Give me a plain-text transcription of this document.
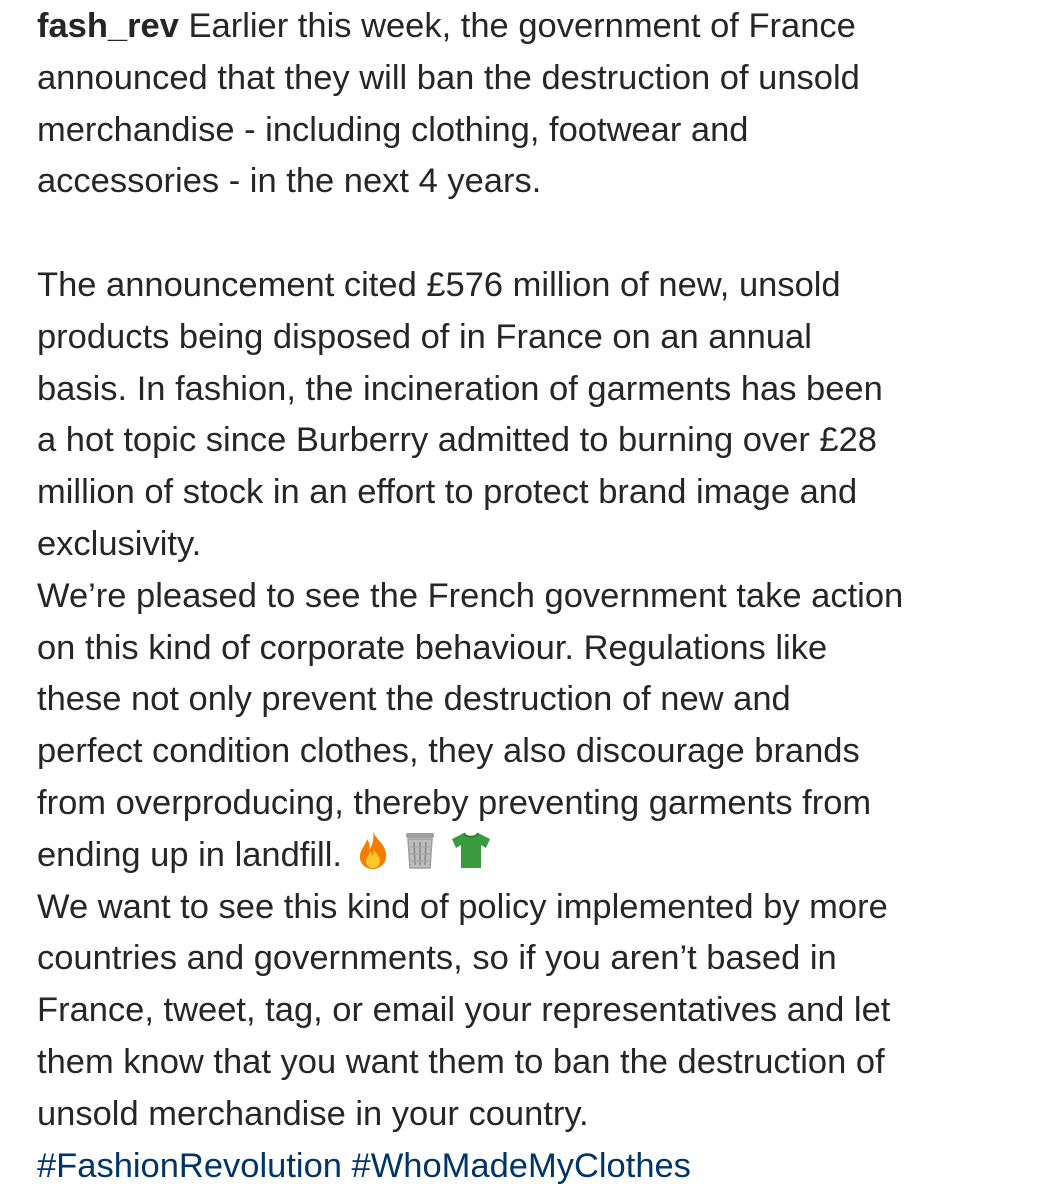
fash_rev Earlier this week, the government of France
announced that they will ban the destruction of unsold
merchandise - including clothing, footwear and
accessories - in the next 4 years.
The announcement cited £576 million of new, unsold
products being disposed of in France on an annual
basis. In fashion, the incineration of garments has been
a hot topic since Burberry admitted to burning over £28
million of stock in an effort to protect brand image and
exclusivity.
We’re pleased to see the French government take action
on this kind of corporate behaviour. Regulations like
these not only prevent the destruction of new and
perfect condition clothes, they also discourage brands
from overproducing, thereby preventing garments from
ending up in landfill.
We want to see this kind of policy implemented by more
countries and governments, so if you aren’t based in
France, tweet, tag, or email your representatives and let
them know that you want them to ban the destruction of
unsold merchandise in your country.
#FashionRevolution #WhoMadeMyClothes
